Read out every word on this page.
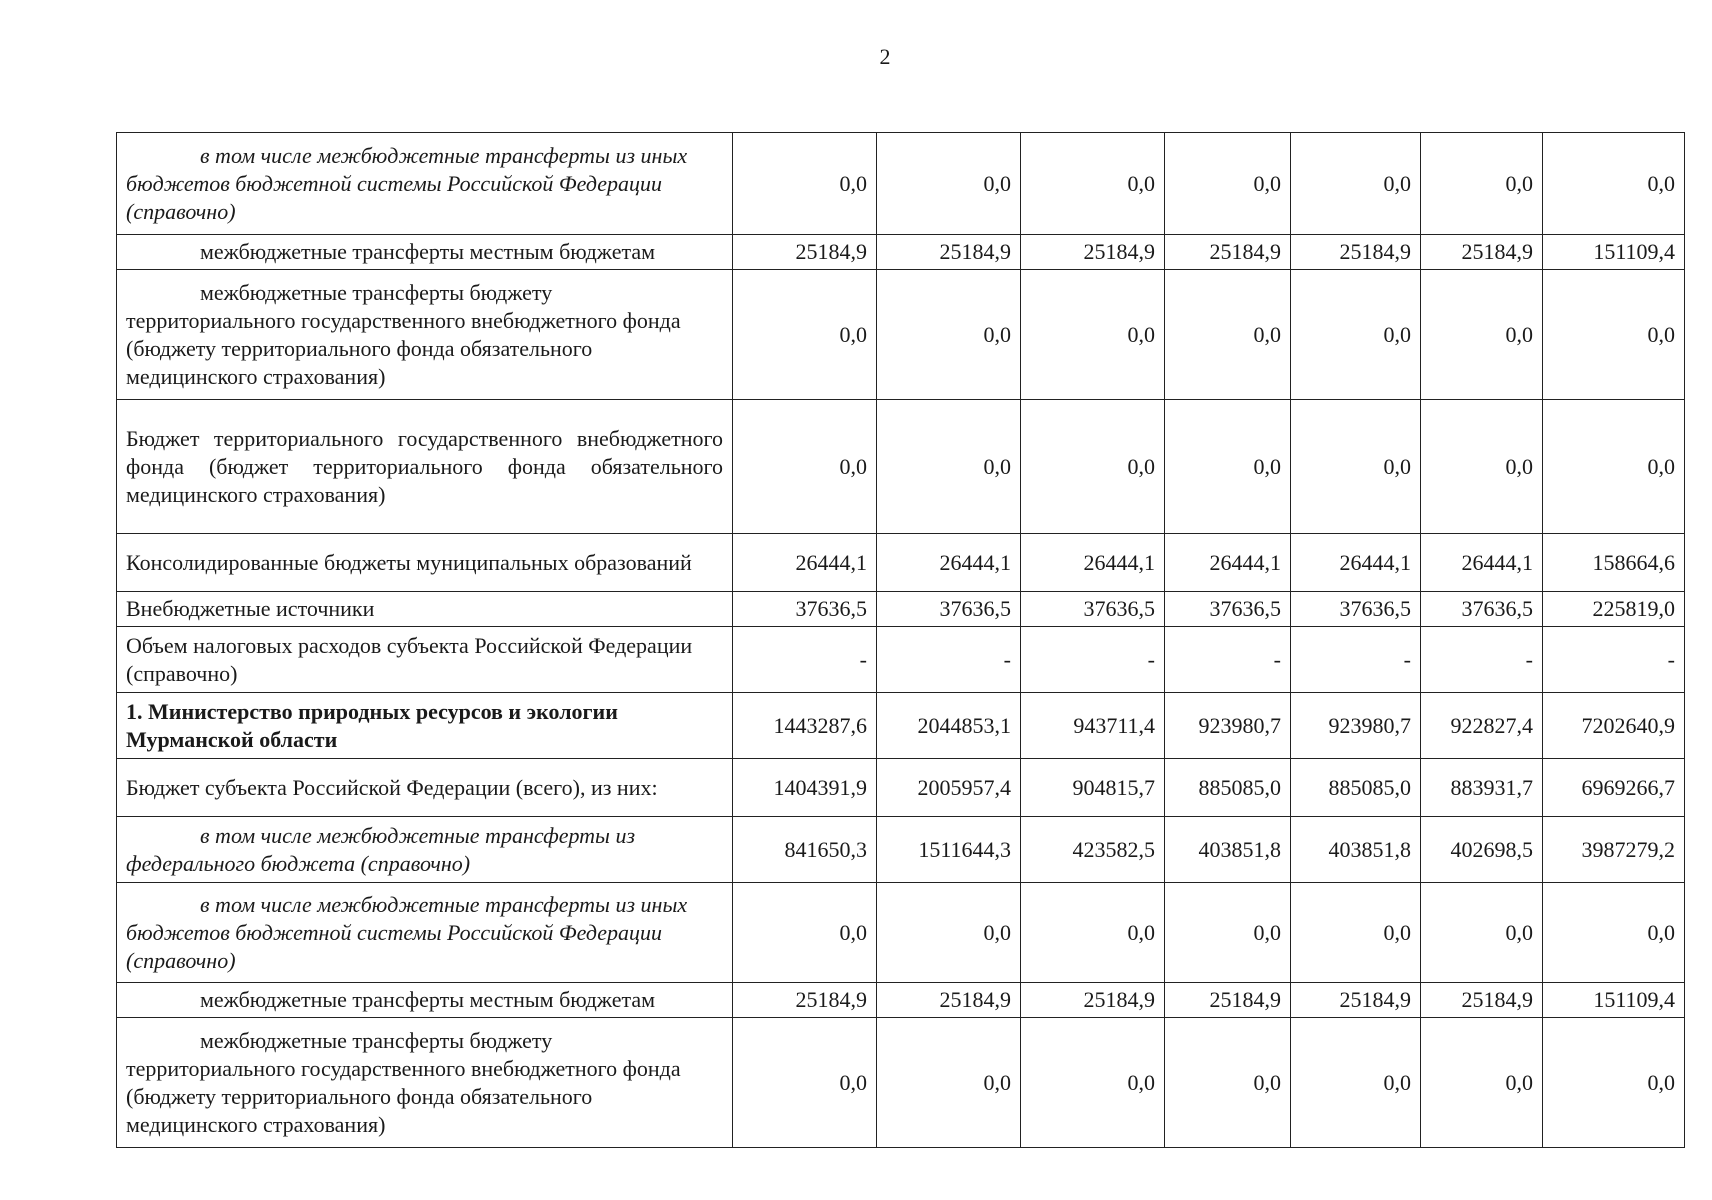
2
в том числе межбюджетные трансферты из иных бюджетов бюджетной системы Российской Федерации (справочно)	0,0	0,0	0,0	0,0	0,0	0,0	0,0

межбюджетные трансферты местным бюджетам	25184,9	25184,9	25184,9	25184,9	25184,9	25184,9	151109,4

межбюджетные трансферты бюджету территориального государственного внебюджетного фонда (бюджету территориального фонда обязательного медицинского страхования)	0,0	0,0	0,0	0,0	0,0	0,0	0,0

Бюджет территориального государственного внебюджетного фонда (бюджет территориального фонда обязательного медицинского страхования)	0,0	0,0	0,0	0,0	0,0	0,0	0,0

Консолидированные бюджеты муниципальных образований	26444,1	26444,1	26444,1	26444,1	26444,1	26444,1	158664,6

Внебюджетные источники	37636,5	37636,5	37636,5	37636,5	37636,5	37636,5	225819,0

Объем налоговых расходов субъекта Российской Федерации (справочно)	-	-	-	-	-	-	-

1. Министерство природных ресурсов и экологии Мурманской области	1443287,6	2044853,1	943711,4	923980,7	923980,7	922827,4	7202640,9

Бюджет субъекта Российской Федерации (всего), из них:	1404391,9	2005957,4	904815,7	885085,0	885085,0	883931,7	6969266,7

в том числе межбюджетные трансферты из федерального бюджета (справочно)	841650,3	1511644,3	423582,5	403851,8	403851,8	402698,5	3987279,2

в том числе межбюджетные трансферты из иных бюджетов бюджетной системы Российской Федерации (справочно)	0,0	0,0	0,0	0,0	0,0	0,0	0,0

межбюджетные трансферты местным бюджетам	25184,9	25184,9	25184,9	25184,9	25184,9	25184,9	151109,4

межбюджетные трансферты бюджету территориального государственного внебюджетного фонда (бюджету территориального фонда обязательного медицинского страхования)	0,0	0,0	0,0	0,0	0,0	0,0	0,0
